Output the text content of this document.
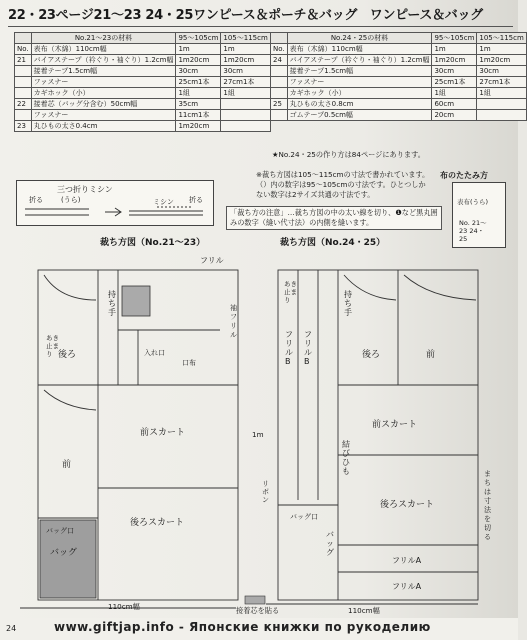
22・23ページ21～23 24・25ワンピース＆ポーチ＆バッグ　ワンピース＆バッグ
	No.21～23の材料	95～105cm	105～115cm
No.	表布（木綿）110cm幅	1m	1m
21	バイアステープ（衿ぐり・袖ぐり）1.2cm幅	1m20cm	1m20cm
	接着テープ1.5cm幅	30cm	30cm
	ファスナー	25cm1本	27cm1本
	カギホック（小）	1組	1組
22	接着芯（バッグ分含む）50cm幅	35cm	
	ファスナー	11cm1本	
23	丸ひもの太さ0.4cm	1m20cm	
	No.24・25の材料	95～105cm	105～115cm
No.	表布（木綿）110cm幅	1m	1m
24	バイアステープ（衿ぐり・袖ぐり）1.2cm幅	1m20cm	1m20cm
	接着テープ1.5cm幅	30cm	30cm
	ファスナー	25cm1本	27cm1本
	カギホック（小）	1組	1組
25	丸ひもの太さ0.8cm	60cm	
	ゴムテープ0.5cm幅	20cm	
★No.24・25の作り方は84ページにあります。
三つ折りミシン
折る	(うら)	ミシン 折る
※裁ち方図は105～115cmの寸法で書かれています。（）内の数字は95～105cmの寸法です。ひとつしかない数字は2サイズ共通の寸法です。
「裁ち方の注意」…裁ち方図の中の太い線を切り、❶など黒丸囲みの数字（縫い代寸法）の内側を縫います。
布のたたみ方
表布(うら)
No. 21～23 24・25
裁ち方図（No.21～23）	裁ち方図（No.24・25）
前
後ろ
持ち手
入れ口
口布
前スカート
後ろスカート
バッグ
バッグ口
フリル
袖フリル
あき止まり
110cm幅
前
後ろ
持ち手
フリルB
フリルB
前スカート
後ろスカート
バッグ口
バッグ
フリルA
フリルA
結びひも
リボン
あき止まり
1m
接着芯を貼る	110cm幅
まちは寸法を切る
24	www.giftjap.info - Японские книжки по рукоделию
